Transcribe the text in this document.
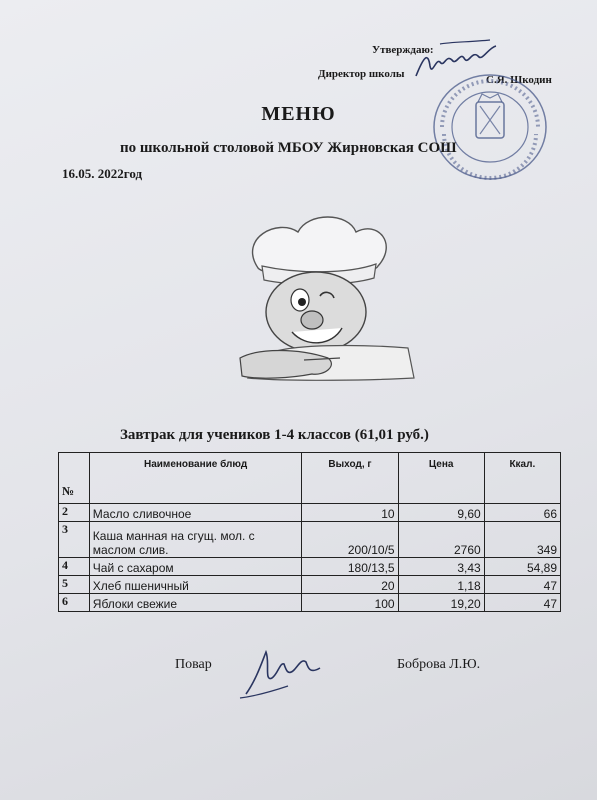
Утверждаю:
Директор школы	С.Я. Шкодин
МЕНЮ
по школьной столовой МБОУ Жирновская СОШ
16.05. 2022год
Завтрак для учеников 1-4 классов (61,01 руб.)
№	Наименование блюд	Выход, г	Цена	Ккал.
2	Масло сливочное	10	9,60	66
3	Каша манная на сгущ. мол. с маслом слив.	200/10/5	2760	349
4	Чай с сахаром	180/13,5	3,43	54,89
5	Хлеб пшеничный	20	1,18	47
6	Яблоки свежие	100	19,20	47
Повар	Боброва Л.Ю.
